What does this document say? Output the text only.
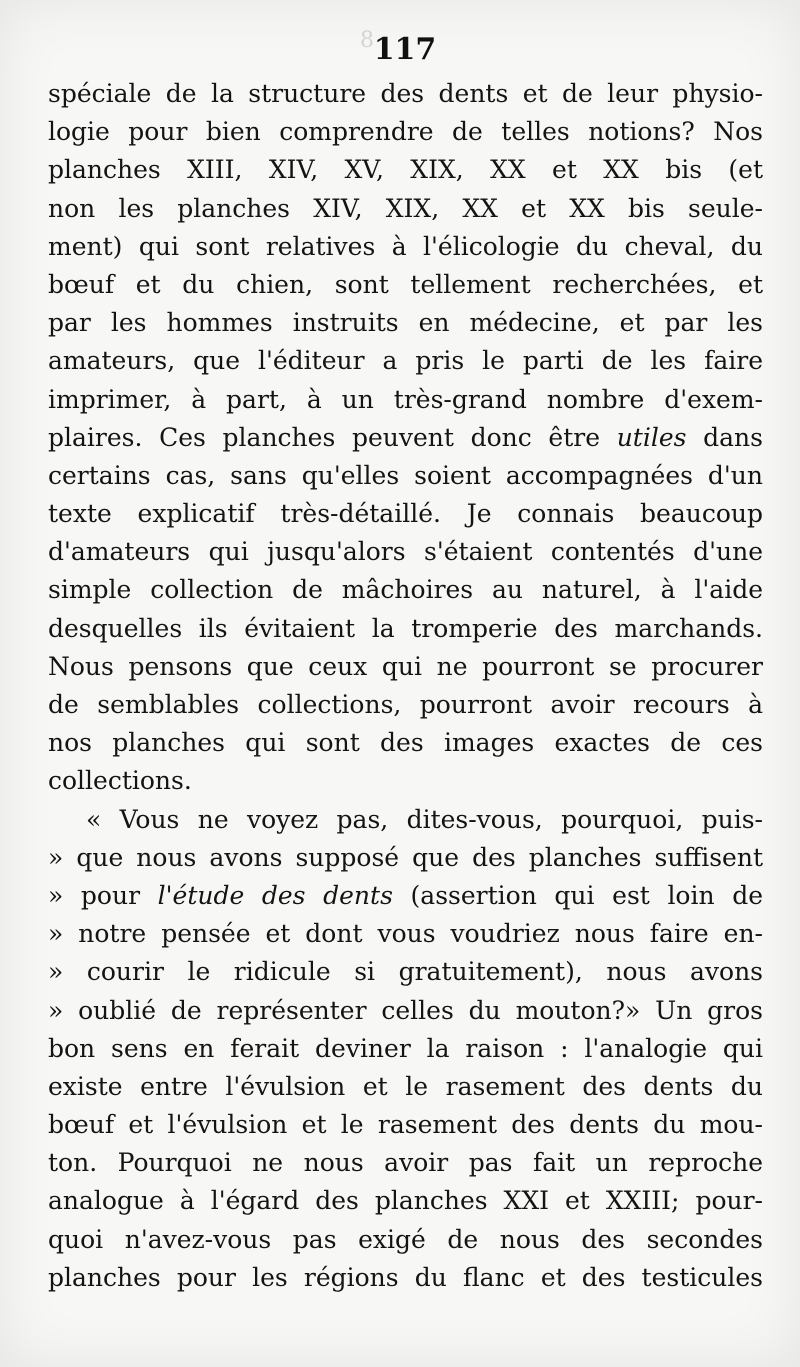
8 117
spéciale de la structure des dents et de leur physio-
logie pour bien comprendre de telles notions? Nos
planches XIII, XIV, XV, XIX, XX et XX bis (et
non les planches XIV, XIX, XX et XX bis seule-
ment) qui sont relatives à l'élicologie du cheval, du
bœuf et du chien, sont tellement recherchées, et
par les hommes instruits en médecine, et par les
amateurs, que l'éditeur a pris le parti de les faire
imprimer, à part, à un très-grand nombre d'exem-
plaires. Ces planches peuvent donc être utiles dans
certains cas, sans qu'elles soient accompagnées d'un
texte explicatif très-détaillé. Je connais beaucoup
d'amateurs qui jusqu'alors s'étaient contentés d'une
simple collection de mâchoires au naturel, à l'aide
desquelles ils évitaient la tromperie des marchands.
Nous pensons que ceux qui ne pourront se procurer
de semblables collections, pourront avoir recours à
nos planches qui sont des images exactes de ces
collections.
« Vous ne voyez pas, dites-vous, pourquoi, puis-
» que nous avons supposé que des planches suffisent
» pour l'étude des dents (assertion qui est loin de
» notre pensée et dont vous voudriez nous faire en-
» courir le ridicule si gratuitement), nous avons
» oublié de représenter celles du mouton?» Un gros
bon sens en ferait deviner la raison : l'analogie qui
existe entre l'évulsion et le rasement des dents du
bœuf et l'évulsion et le rasement des dents du mou-
ton. Pourquoi ne nous avoir pas fait un reproche
analogue à l'égard des planches XXI et XXIII; pour-
quoi n'avez-vous pas exigé de nous des secondes
planches pour les régions du flanc et des testicules
